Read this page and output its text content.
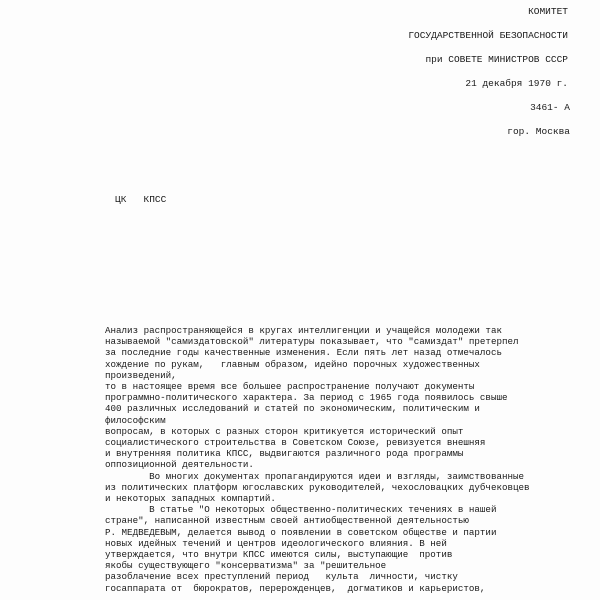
КОМИТЕТ
ГОСУДАРСТВЕННОЙ БЕЗОПАСНОСТИ
при СОВЕТЕ МИНИСТРОВ СССР
21 декабря 1970 г.
3461- А
гор. Москва
ЦК   КПСС
Анализ распространяющейся в кругах интеллигенции и учащейся молодежи так
называемой "самиздатовской" литературы показывает, что "самиздат" претерпел
за последние годы качественные изменения. Если пять лет назад отмечалось
хождение по рукам,   главным образом, идейно порочных художественных
произведений,
то в настоящее время все большее распространение получают документы
программно-политического характера. За период с 1965 года появилось свыше
400 различных исследований и статей по экономическим, политическим и
философским
вопросам, в которых с разных сторон критикуется исторический опыт
социалистического строительства в Советском Союзе, ревизуется внешняя
и внутренняя политика КПСС, выдвигаются различного рода программы
оппозиционной деятельности.
Во многих документах пропагандируются идеи и взгляды, заимствованные
из политических платформ югославских руководителей, чехословацких дубчековцев
и некоторых западных компартий.
В статье "О некоторых общественно-политических течениях в нашей
стране", написанной известным своей антиобщественной деятельностью
Р. МЕДВЕДЕВЫМ, делается вывод о появлении в советском обществе и партии
новых идейных течений и центров идеологического влияния. В ней
утверждается, что внутри КПСС имеются силы, выступающие  против
якобы существующего "консерватизма" за "решительное
разоблачение всех преступлений период   культа  личности, чистку
госаппарата от  бюрократов, перерожденцев,  догматиков и карьеристов,
